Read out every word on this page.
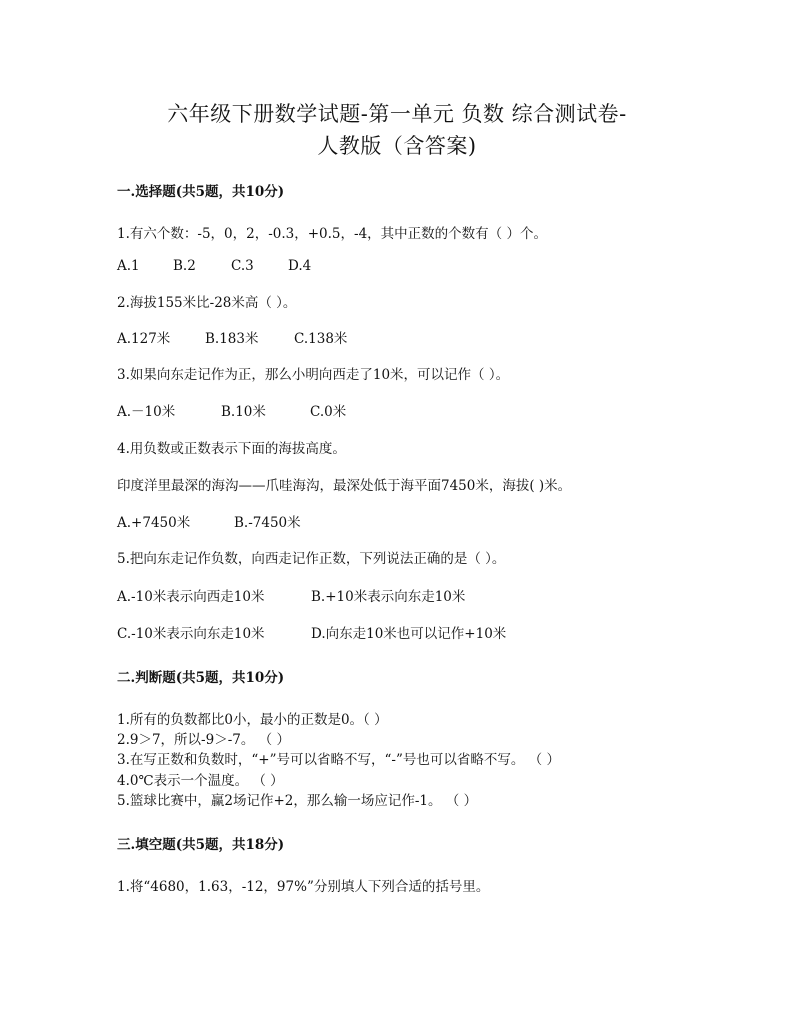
六年级下册数学试题-第一单元 负数 综合测试卷-
人教版（含答案)
一.选择题(共5题，共10分)
1.有六个数：-5，0，2，-0.3，+0.5，-4，其中正数的个数有（ ）个。
A.1 B.2	C.3	D.4
2.海拔155米比-28米高（ ）。
A.127米	B.183米	C.138米
3.如果向东走记作为正，那么小明向西走了10米，可以记作（ ）。
A.－10米	B.10米	C.0米
4.用负数或正数表示下面的海拔高度。
印度洋里最深的海沟——爪哇海沟，最深处低于海平面7450米，海拔( )米。
A.+7450米	B.-7450米
5.把向东走记作负数，向西走记作正数，下列说法正确的是（ ）。
A.-10米表示向西走10米	B.+10米表示向东走10米
C.-10米表示向东走10米	D.向东走10米也可以记作+10米
二.判断题(共5题，共10分)
1.所有的负数都比0小，最小的正数是0。（ ）
2.9＞7，所以-9＞-7。 （ ）
3.在写正数和负数时，“+”号可以省略不写，“-”号也可以省略不写。 （ ）
4.0℃表示一个温度。 （ ）
5.篮球比赛中，赢2场记作+2，那么输一场应记作-1。 （ ）
三.填空题(共5题，共18分)
1.将“4680，1.63，-12，97%”分别填人下列合适的括号里。
